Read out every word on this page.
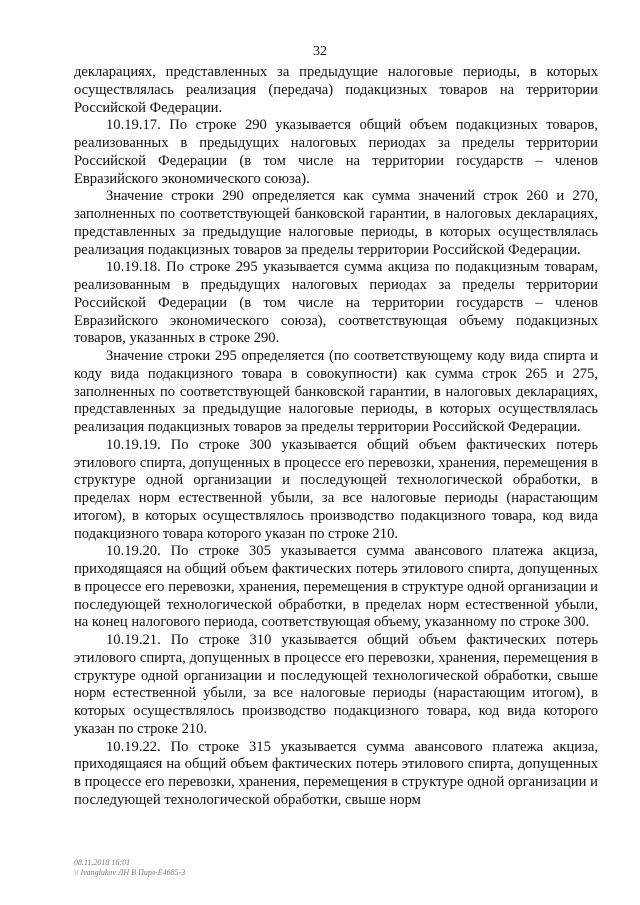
32

декларациях, представленных за предыдущие налоговые периоды, в которых осуществлялась реализация (передача) подакцизных товаров на территории Российской Федерации.

10.19.17. По строке 290 указывается общий объем подакцизных товаров, реализованных в предыдущих налоговых периодах за пределы территории Российской Федерации (в том числе на территории государств – членов Евразийского экономического союза).

Значение строки 290 определяется как сумма значений строк 260 и 270, заполненных по соответствующей банковской гарантии, в налоговых декларациях, представленных за предыдущие налоговые периоды, в которых осуществлялась реализация подакцизных товаров за пределы территории Российской Федерации.

10.19.18. По строке 295 указывается сумма акциза по подакцизным товарам, реализованным в предыдущих налоговых периодах за пределы территории Российской Федерации (в том числе на территории государств – членов Евразийского экономического союза), соответствующая объему подакцизных товаров, указанных в строке 290.

Значение строки 295 определяется (по соответствующему коду вида спирта и коду вида подакцизного товара в совокупности) как сумма строк 265 и 275, заполненных по соответствующей банковской гарантии, в налоговых декларациях, представленных за предыдущие налоговые периоды, в которых осуществлялась реализация подакцизных товаров за пределы территории Российской Федерации.

10.19.19. По строке 300 указывается общий объем фактических потерь этилового спирта, допущенных в процессе его перевозки, хранения, перемещения в структуре одной организации и последующей технологической обработки, в пределах норм естественной убыли, за все налоговые периоды (нарастающим итогом), в которых осуществлялось производство подакцизного товара, код вида подакцизного товара которого указан по строке 210.

10.19.20. По строке 305 указывается сумма авансового платежа акциза, приходящаяся на общий объем фактических потерь этилового спирта, допущенных в процессе его перевозки, хранения, перемещения в структуре одной организации и последующей технологической обработки, в пределах норм естественной убыли, на конец налогового периода, соответствующая объему, указанному по строке 300.

10.19.21. По строке 310 указывается общий объем фактических потерь этилового спирта, допущенных в процессе его перевозки, хранения, перемещения в структуре одной организации и последующей технологической обработки, свыше норм естественной убыли, за все налоговые периоды (нарастающим итогом), в которых осуществлялось производство подакцизного товара, код вида которого указан по строке 210.

10.19.22. По строке 315 указывается сумма авансового платежа акциза, приходящаяся на общий объем фактических потерь этилового спирта, допущенных в процессе его перевозки, хранения, перемещения в структуре одной организации и последующей технологической обработки, свыше норм

08.11.2018 16:01
\\ Ivanglukov ЛН В Пирл-Е4685-3
